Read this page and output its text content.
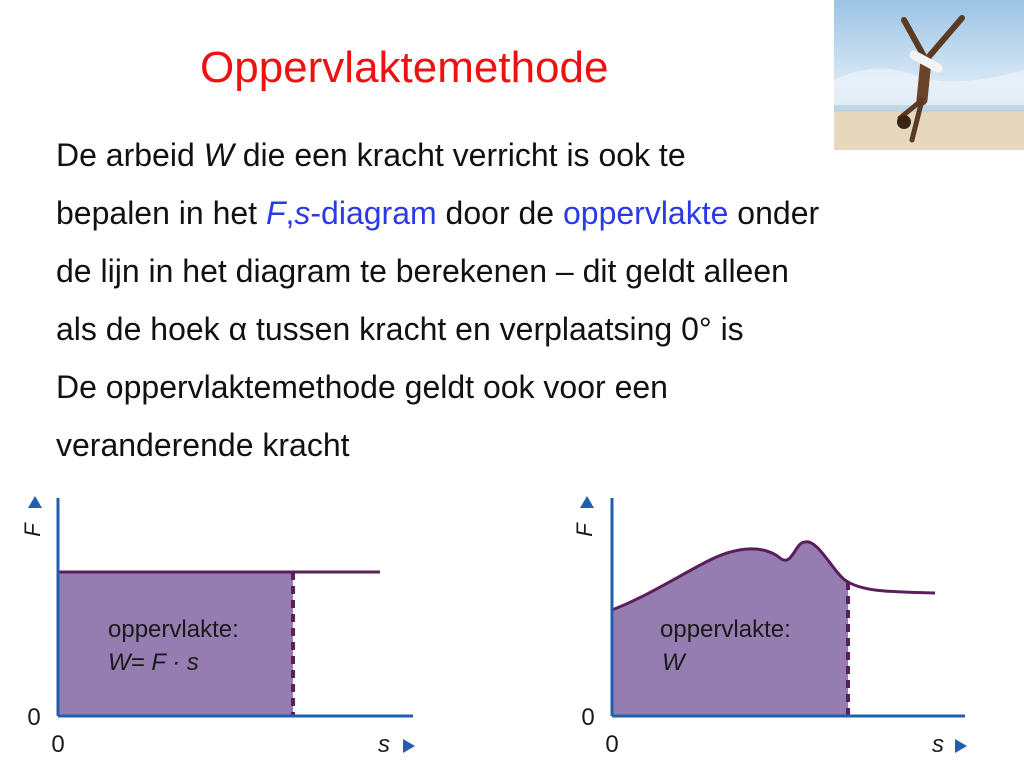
Oppervlaktemethode
De arbeid W die een kracht verricht is ook te
bepalen in het F,s-diagram door de oppervlakte onder
de lijn in het diagram te berekenen – dit geldt alleen
als de hoek α tussen kracht en verplaatsing 0° is
De oppervlaktemethode geldt ook voor een
veranderende kracht
F
0
0	s
oppervlakte:
W= F · s
F
0
0	s
oppervlakte:
W
